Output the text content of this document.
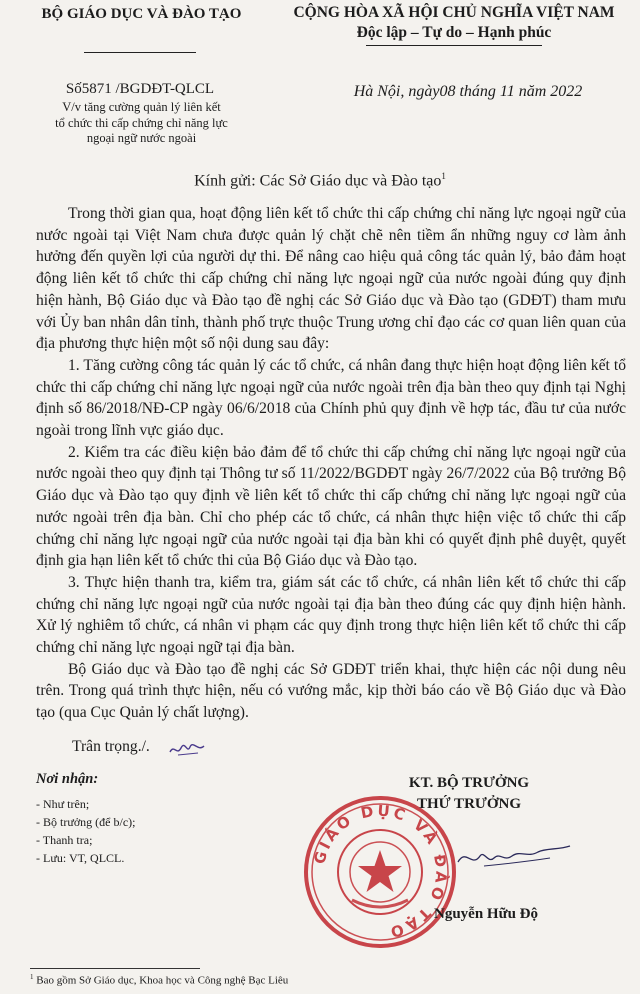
BỘ GIÁO DỤC VÀ ĐÀO TẠO	CỘNG HÒA XÃ HỘI CHỦ NGHĨA VIỆT NAM
Độc lập – Tự do – Hạnh phúc
Số5871 /BGDĐT-QLCL
V/v tăng cường quản lý liên kết
tổ chức thi cấp chứng chỉ năng lực
ngoại ngữ nước ngoài
Hà Nội, ngày08 tháng 11 năm 2022
Kính gửi: Các Sở Giáo dục và Đào tạo$^1$

Trong thời gian qua, hoạt động liên kết tổ chức thi cấp chứng chỉ năng lực ngoại ngữ của nước ngoài tại Việt Nam chưa được quản lý chặt chẽ nên tiềm ẩn những nguy cơ làm ảnh hưởng đến quyền lợi của người dự thi. Để nâng cao hiệu quả công tác quản lý, bảo đảm hoạt động liên kết tổ chức thi cấp chứng chỉ năng lực ngoại ngữ của nước ngoài đúng quy định hiện hành, Bộ Giáo dục và Đào tạo đề nghị các Sở Giáo dục và Đào tạo (GDĐT) tham mưu với Ủy ban nhân dân tỉnh, thành phố trực thuộc Trung ương chỉ đạo các cơ quan liên quan của địa phương thực hiện một số nội dung sau đây:

1. Tăng cường công tác quản lý các tổ chức, cá nhân đang thực hiện hoạt động liên kết tổ chức thi cấp chứng chỉ năng lực ngoại ngữ của nước ngoài trên địa bàn theo quy định tại Nghị định số 86/2018/NĐ-CP ngày 06/6/2018 của Chính phủ quy định về hợp tác, đầu tư của nước ngoài trong lĩnh vực giáo dục.

2. Kiểm tra các điều kiện bảo đảm để tổ chức thi cấp chứng chỉ năng lực ngoại ngữ của nước ngoài theo quy định tại Thông tư số 11/2022/BGDĐT ngày 26/7/2022 của Bộ trưởng Bộ Giáo dục và Đào tạo quy định về liên kết tổ chức thi cấp chứng chỉ năng lực ngoại ngữ của nước ngoài trên địa bàn. Chỉ cho phép các tổ chức, cá nhân thực hiện việc tổ chức thi cấp chứng chỉ năng lực ngoại ngữ của nước ngoài tại địa bàn khi có quyết định phê duyệt, quyết định gia hạn liên kết tổ chức thi của Bộ Giáo dục và Đào tạo.

3. Thực hiện thanh tra, kiểm tra, giám sát các tổ chức, cá nhân liên kết tổ chức thi cấp chứng chỉ năng lực ngoại ngữ của nước ngoài tại địa bàn theo đúng các quy định hiện hành. Xử lý nghiêm tổ chức, cá nhân vi phạm các quy định trong thực hiện liên kết tổ chức thi cấp chứng chỉ năng lực ngoại ngữ tại địa bàn.

Bộ Giáo dục và Đào tạo đề nghị các Sở GDĐT triển khai, thực hiện các nội dung nêu trên. Trong quá trình thực hiện, nếu có vướng mắc, kịp thời báo cáo về Bộ Giáo dục và Đào tạo (qua Cục Quản lý chất lượng).

Trân trọng./.
Nơi nhận:
- Như trên;
- Bộ trưởng (để b/c);
- Thanh tra;
- Lưu: VT, QLCL.	GIÁO DỤC VÀ ĐÀO TẠO
KT. BỘ TRƯỞNG
THỨ TRƯỞNG
Nguyễn Hữu Độ
$^1$ Bao gồm Sở Giáo dục, Khoa học và Công nghệ Bạc Liêu
